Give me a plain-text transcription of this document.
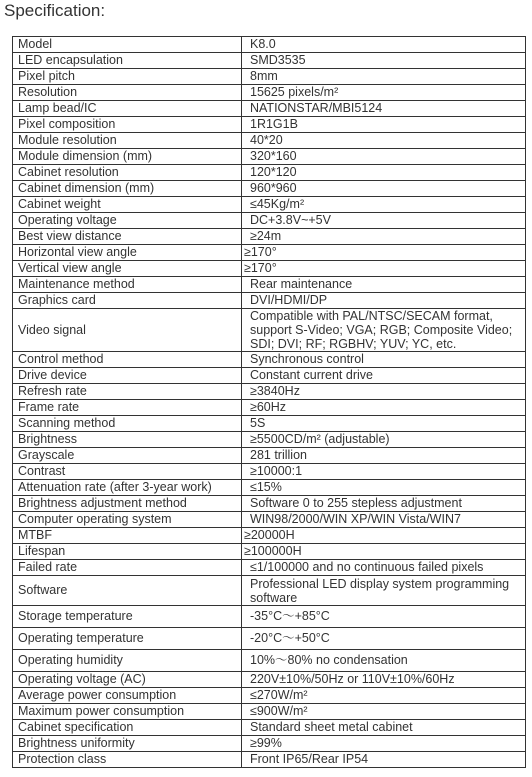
Specification:
Model	K8.0
LED encapsulation	SMD3535
Pixel pitch	8mm
Resolution	15625 pixels/m²
Lamp bead/IC	NATIONSTAR/MBI5124
Pixel composition	1R1G1B
Module resolution	40*20
Module dimension (mm)	320*160
Cabinet resolution	120*120
Cabinet dimension (mm)	960*960
Cabinet weight	≤45Kg/m²
Operating voltage	DC+3.8V~+5V
Best view distance	≥24m
Horizontal view angle	≥170°
Vertical view angle	≥170°
Maintenance method	Rear maintenance
Graphics card	DVI/HDMI/DP
Video signal	Compatible with PAL/NTSC/SECAM format, support S-Video; VGA; RGB; Composite Video; SDI; DVI; RF; RGBHV; YUV; YC, etc.
Control method	Synchronous control
Drive device	Constant current drive
Refresh rate	≥3840Hz
Frame rate	≥60Hz
Scanning method	5S
Brightness	≥5500CD/m² (adjustable)
Grayscale	281 trillion
Contrast	≥10000:1
Attenuation rate (after 3-year work)	≤15%
Brightness adjustment method	Software 0 to 255 stepless adjustment
Computer operating system	WIN98/2000/WIN XP/WIN Vista/WIN7
MTBF	≥20000H
Lifespan	≥100000H
Failed rate	≤1/100000 and no continuous failed pixels
Software	Professional LED display system programming software
Storage temperature	-35°C～+85°C
Operating temperature	-20°C～+50°C
Operating humidity	10%～80% no condensation
Operating voltage (AC)	220V±10%/50Hz or 110V±10%/60Hz
Average power consumption	≤270W/m²
Maximum power consumption	≤900W/m²
Cabinet specification	Standard sheet metal cabinet
Brightness uniformity	≥99%
Protection class	Front IP65/Rear IP54
